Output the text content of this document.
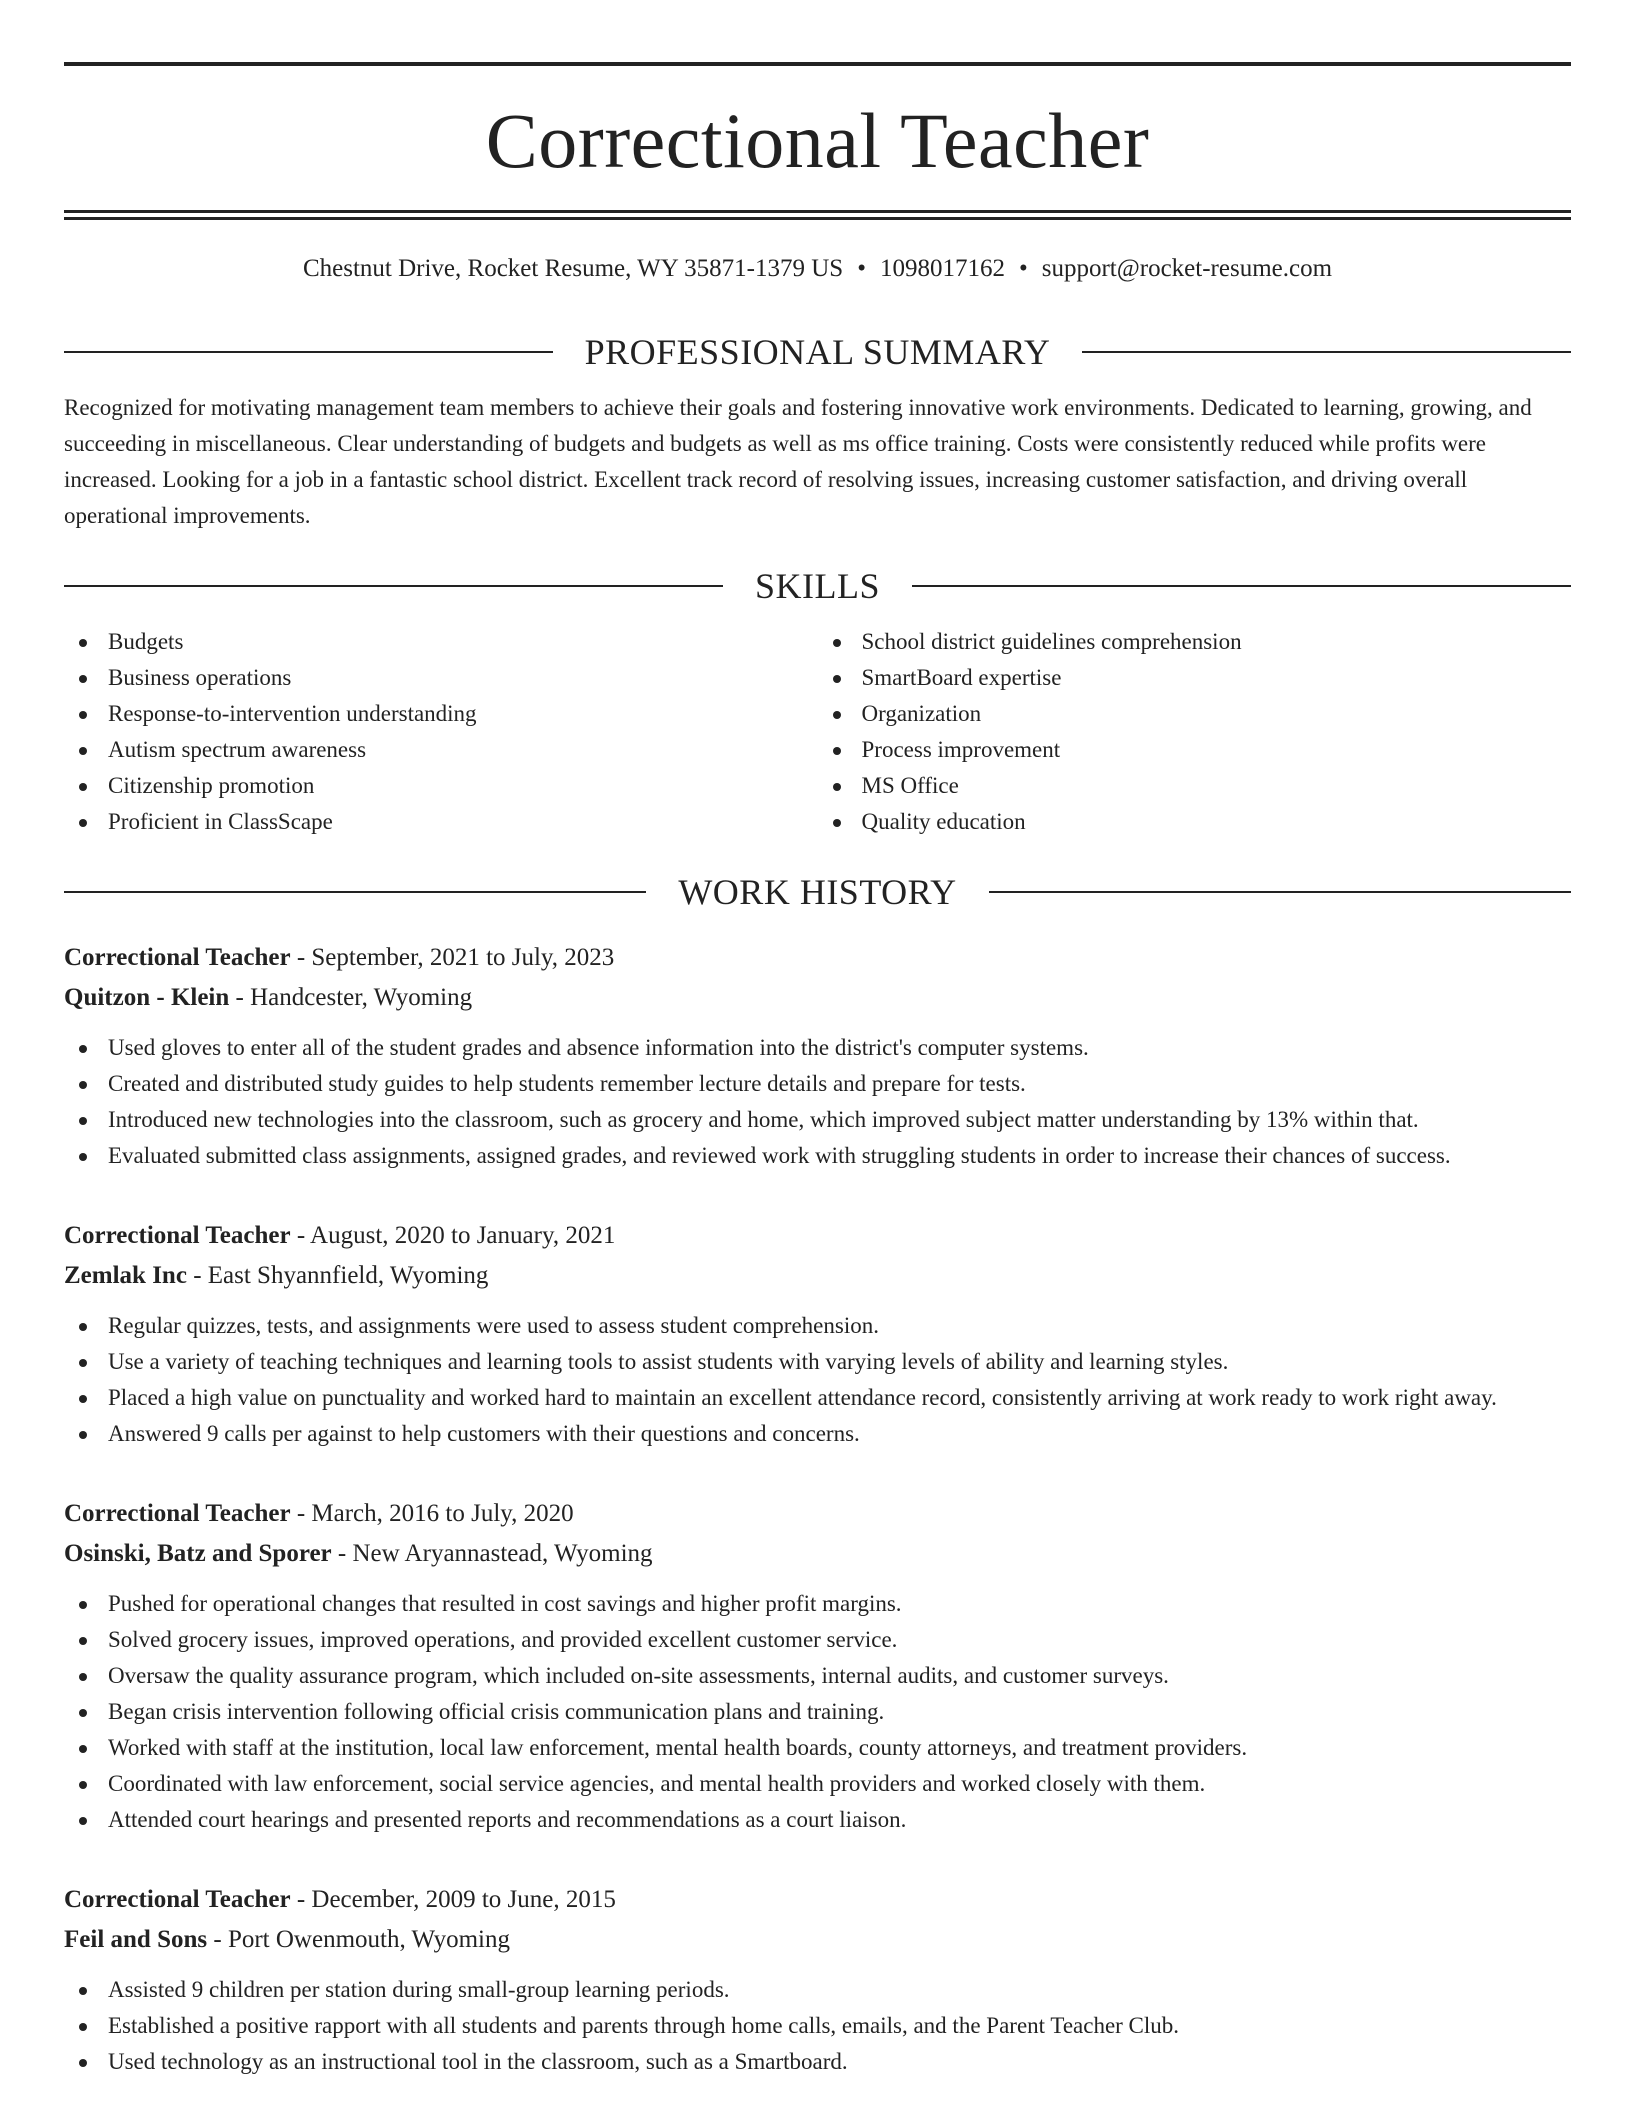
Correctional Teacher
Chestnut Drive, Rocket Resume, WY 35871-1379 US • 1098017162 • support@rocket-resume.com
PROFESSIONAL SUMMARY

Recognized for motivating management team members to achieve their goals and fostering innovative work environments. Dedicated to learning, growing, and succeeding in miscellaneous. Clear understanding of budgets and budgets as well as ms office training. Costs were consistently reduced while profits were increased. Looking for a job in a fantastic school district. Excellent track record of resolving issues, increasing customer satisfaction, and driving overall operational improvements.

SKILLS
Budgets
Business operations
Response-to-intervention understanding
Autism spectrum awareness
Citizenship promotion
Proficient in ClassScape
School district guidelines comprehension
SmartBoard expertise
Organization
Process improvement
MS Office
Quality education
WORK HISTORY
Correctional Teacher - September, 2021 to July, 2023
Quitzon - Klein - Handcester, Wyoming
Used gloves to enter all of the student grades and absence information into the district's computer systems.
Created and distributed study guides to help students remember lecture details and prepare for tests.
Introduced new technologies into the classroom, such as grocery and home, which improved subject matter understanding by 13% within that.
Evaluated submitted class assignments, assigned grades, and reviewed work with struggling students in order to increase their chances of success.
Correctional Teacher - August, 2020 to January, 2021
Zemlak Inc - East Shyannfield, Wyoming
Regular quizzes, tests, and assignments were used to assess student comprehension.
Use a variety of teaching techniques and learning tools to assist students with varying levels of ability and learning styles.
Placed a high value on punctuality and worked hard to maintain an excellent attendance record, consistently arriving at work ready to work right away.
Answered 9 calls per against to help customers with their questions and concerns.
Correctional Teacher - March, 2016 to July, 2020
Osinski, Batz and Sporer - New Aryannastead, Wyoming
Pushed for operational changes that resulted in cost savings and higher profit margins.
Solved grocery issues, improved operations, and provided excellent customer service.
Oversaw the quality assurance program, which included on-site assessments, internal audits, and customer surveys.
Began crisis intervention following official crisis communication plans and training.
Worked with staff at the institution, local law enforcement, mental health boards, county attorneys, and treatment providers.
Coordinated with law enforcement, social service agencies, and mental health providers and worked closely with them.
Attended court hearings and presented reports and recommendations as a court liaison.
Correctional Teacher - December, 2009 to June, 2015
Feil and Sons - Port Owenmouth, Wyoming
Assisted 9 children per station during small-group learning periods.
Established a positive rapport with all students and parents through home calls, emails, and the Parent Teacher Club.
Used technology as an instructional tool in the classroom, such as a Smartboard.
